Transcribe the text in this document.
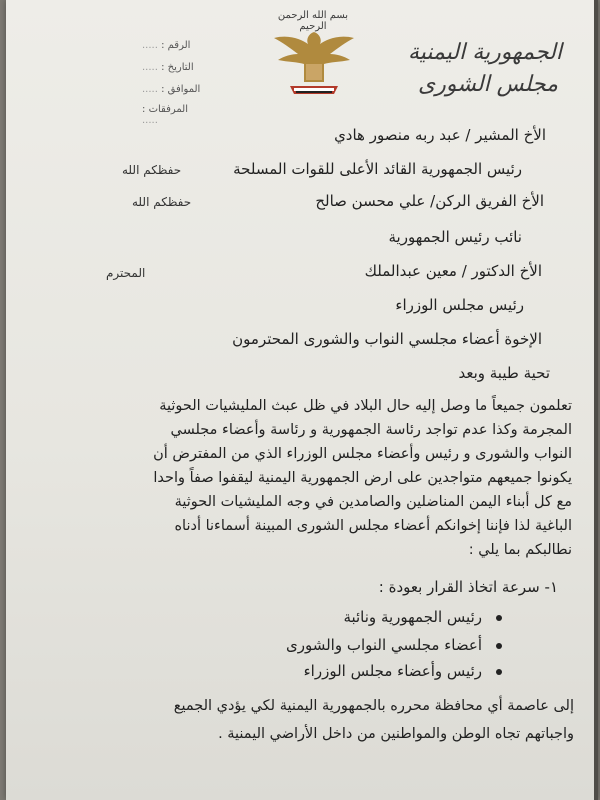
بسم الله الرحمن الرحيم
الجمهورية اليمنية
مجلس الشورى
الرقم : .....
التاريخ : .....
الموافق : .....
المرفقات : .....
الأخ المشير / عبد ربه منصور هادي
رئيس الجمهورية القائد الأعلى للقوات المسلحة
حفظكم الله
الأخ الفريق الركن/ علي محسن صالح
حفظكم الله
نائب رئيس الجمهورية
الأخ الدكتور / معين عبدالملك
المحترم
رئيس مجلس الوزراء
الإخوة أعضاء مجلسي النواب والشورى المحترمون
تحية طيبة وبعد
تعلمون جميعاً ما وصل إليه حال البلاد في ظل عبث المليشيات الحوثية
المجرمة وكذا عدم تواجد رئاسة الجمهورية و رئاسة وأعضاء مجلسي
النواب والشورى و رئيس وأعضاء مجلس الوزراء الذي من المفترض أن
يكونوا جميعهم متواجدين على ارض الجمهورية اليمنية ليقفوا صفاً واحدا
مع كل أبناء اليمن المناضلين والصامدين في وجه المليشيات الحوثية
الباغية لذا فإننا إخوانكم أعضاء مجلس الشورى المبينة أسماءنا أدناه
نطالبكم بما يلي :
١- سرعة اتخاذ القرار بعودة :
رئيس الجمهورية ونائبة
أعضاء مجلسي النواب والشورى
رئيس وأعضاء مجلس الوزراء
إلى عاصمة أي محافظة محرره بالجمهورية اليمنية لكي يؤدي الجميع
واجباتهم تجاه الوطن والمواطنين من داخل الأراضي اليمنية .
